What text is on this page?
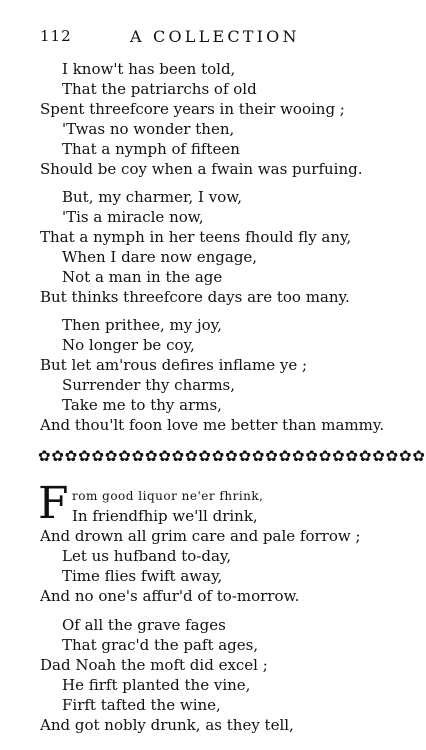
112	A COLLECTION
I know't has been told,
That the patriarchs of old
Spent threefcore years in their wooing ;
'Twas no wonder then,
That a nymph of fifteen
Should be coy when a fwain was purfuing.
But, my charmer, I vow,
'Tis a miracle now,
That a nymph in her teens fhould fly any,
When I dare now engage,
Not a man in the age
But thinks threefcore days are too many.
Then prithee, my joy,
No longer be coy,
But let am'rous defires inflame ye ;
Surrender thy charms,
Take me to thy arms,
And thou'lt foon love me better than mammy.
✿✿✿✿✿✿✿✿✿✿✿✿✿✿✿✿✿✿✿✿✿✿✿✿✿✿✿✿✿
F rom good liquor ne'er fhrink,
In friendfhip we'll drink,
And drown all grim care and pale forrow ;
Let us hufband to-day,
Time flies fwift away,
And no one's affur'd of to-morrow.
Of all the grave fages
That grac'd the paft ages,
Dad Noah the moft did excel ;
He firft planted the vine,
Firft tafted the wine,
And got nobly drunk, as they tell,
